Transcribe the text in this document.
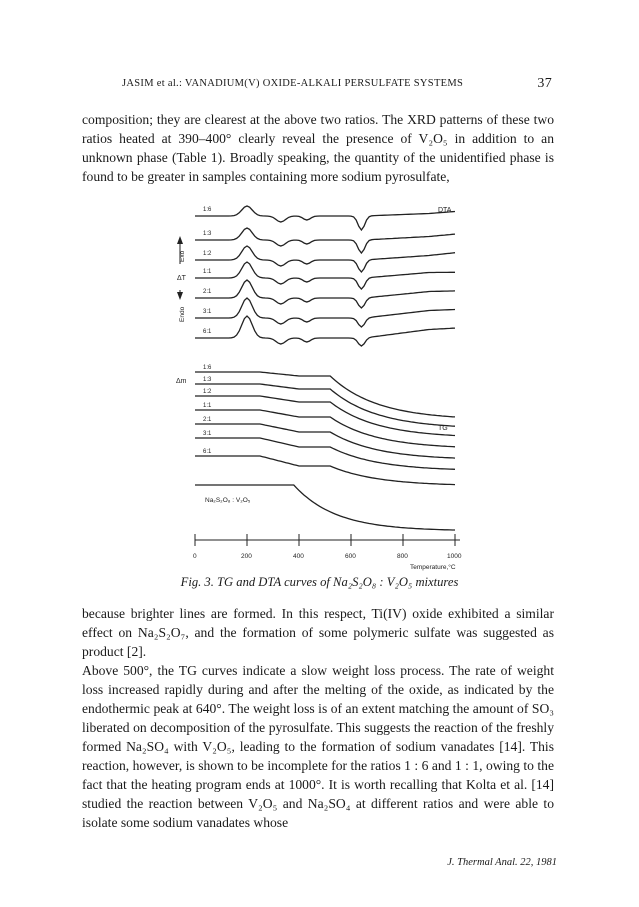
JASIM et al.: VANADIUM(V) OXIDE-ALKALI PERSULFATE SYSTEMS	37

composition; they are clearest at the above two ratios. The XRD patterns of these two ratios heated at 390–400° clearly reveal the presence of V₂O₅ in addition to an unknown phase (Table 1). Broadly speaking, the quantity of the unidentified phase is found to be greater in samples containing more sodium pyrosulfate,

1:6
1:3
1:2
1:1
2:1
3:1
6:1
1:6
1:3
1:2
1:1
2:1
3:1
6:1
DTA
TG
ΔT
Exo
Endo
Δm
Na₂S₂O₈ : V₂O₅
0	200	400	600	800	1000
Temperature,°C
Fig. 3. TG and DTA curves of Na₂S₂O₈ : V₂O₅ mixtures

because brighter lines are formed. In this respect, Ti(IV) oxide exhibited a similar effect on Na₂S₂O₇, and the formation of some polymeric sulfate was suggested as product [2].

Above 500°, the TG curves indicate a slow weight loss process. The rate of weight loss increased rapidly during and after the melting of the oxide, as indicated by the endothermic peak at 640°. The weight loss is of an extent matching the amount of SO₃ liberated on decomposition of the pyrosulfate. This suggests the reaction of the freshly formed Na₂SO₄ with V₂O₅, leading to the formation of sodium vanadates [14]. This reaction, however, is shown to be incomplete for the ratios 1 : 6 and 1 : 1, owing to the fact that the heating program ends at 1000°. It is worth recalling that Kolta et al. [14] studied the reaction between V₂O₅ and Na₂SO₄ at different ratios and were able to isolate some sodium vanadates whose

J. Thermal Anal. 22, 1981
